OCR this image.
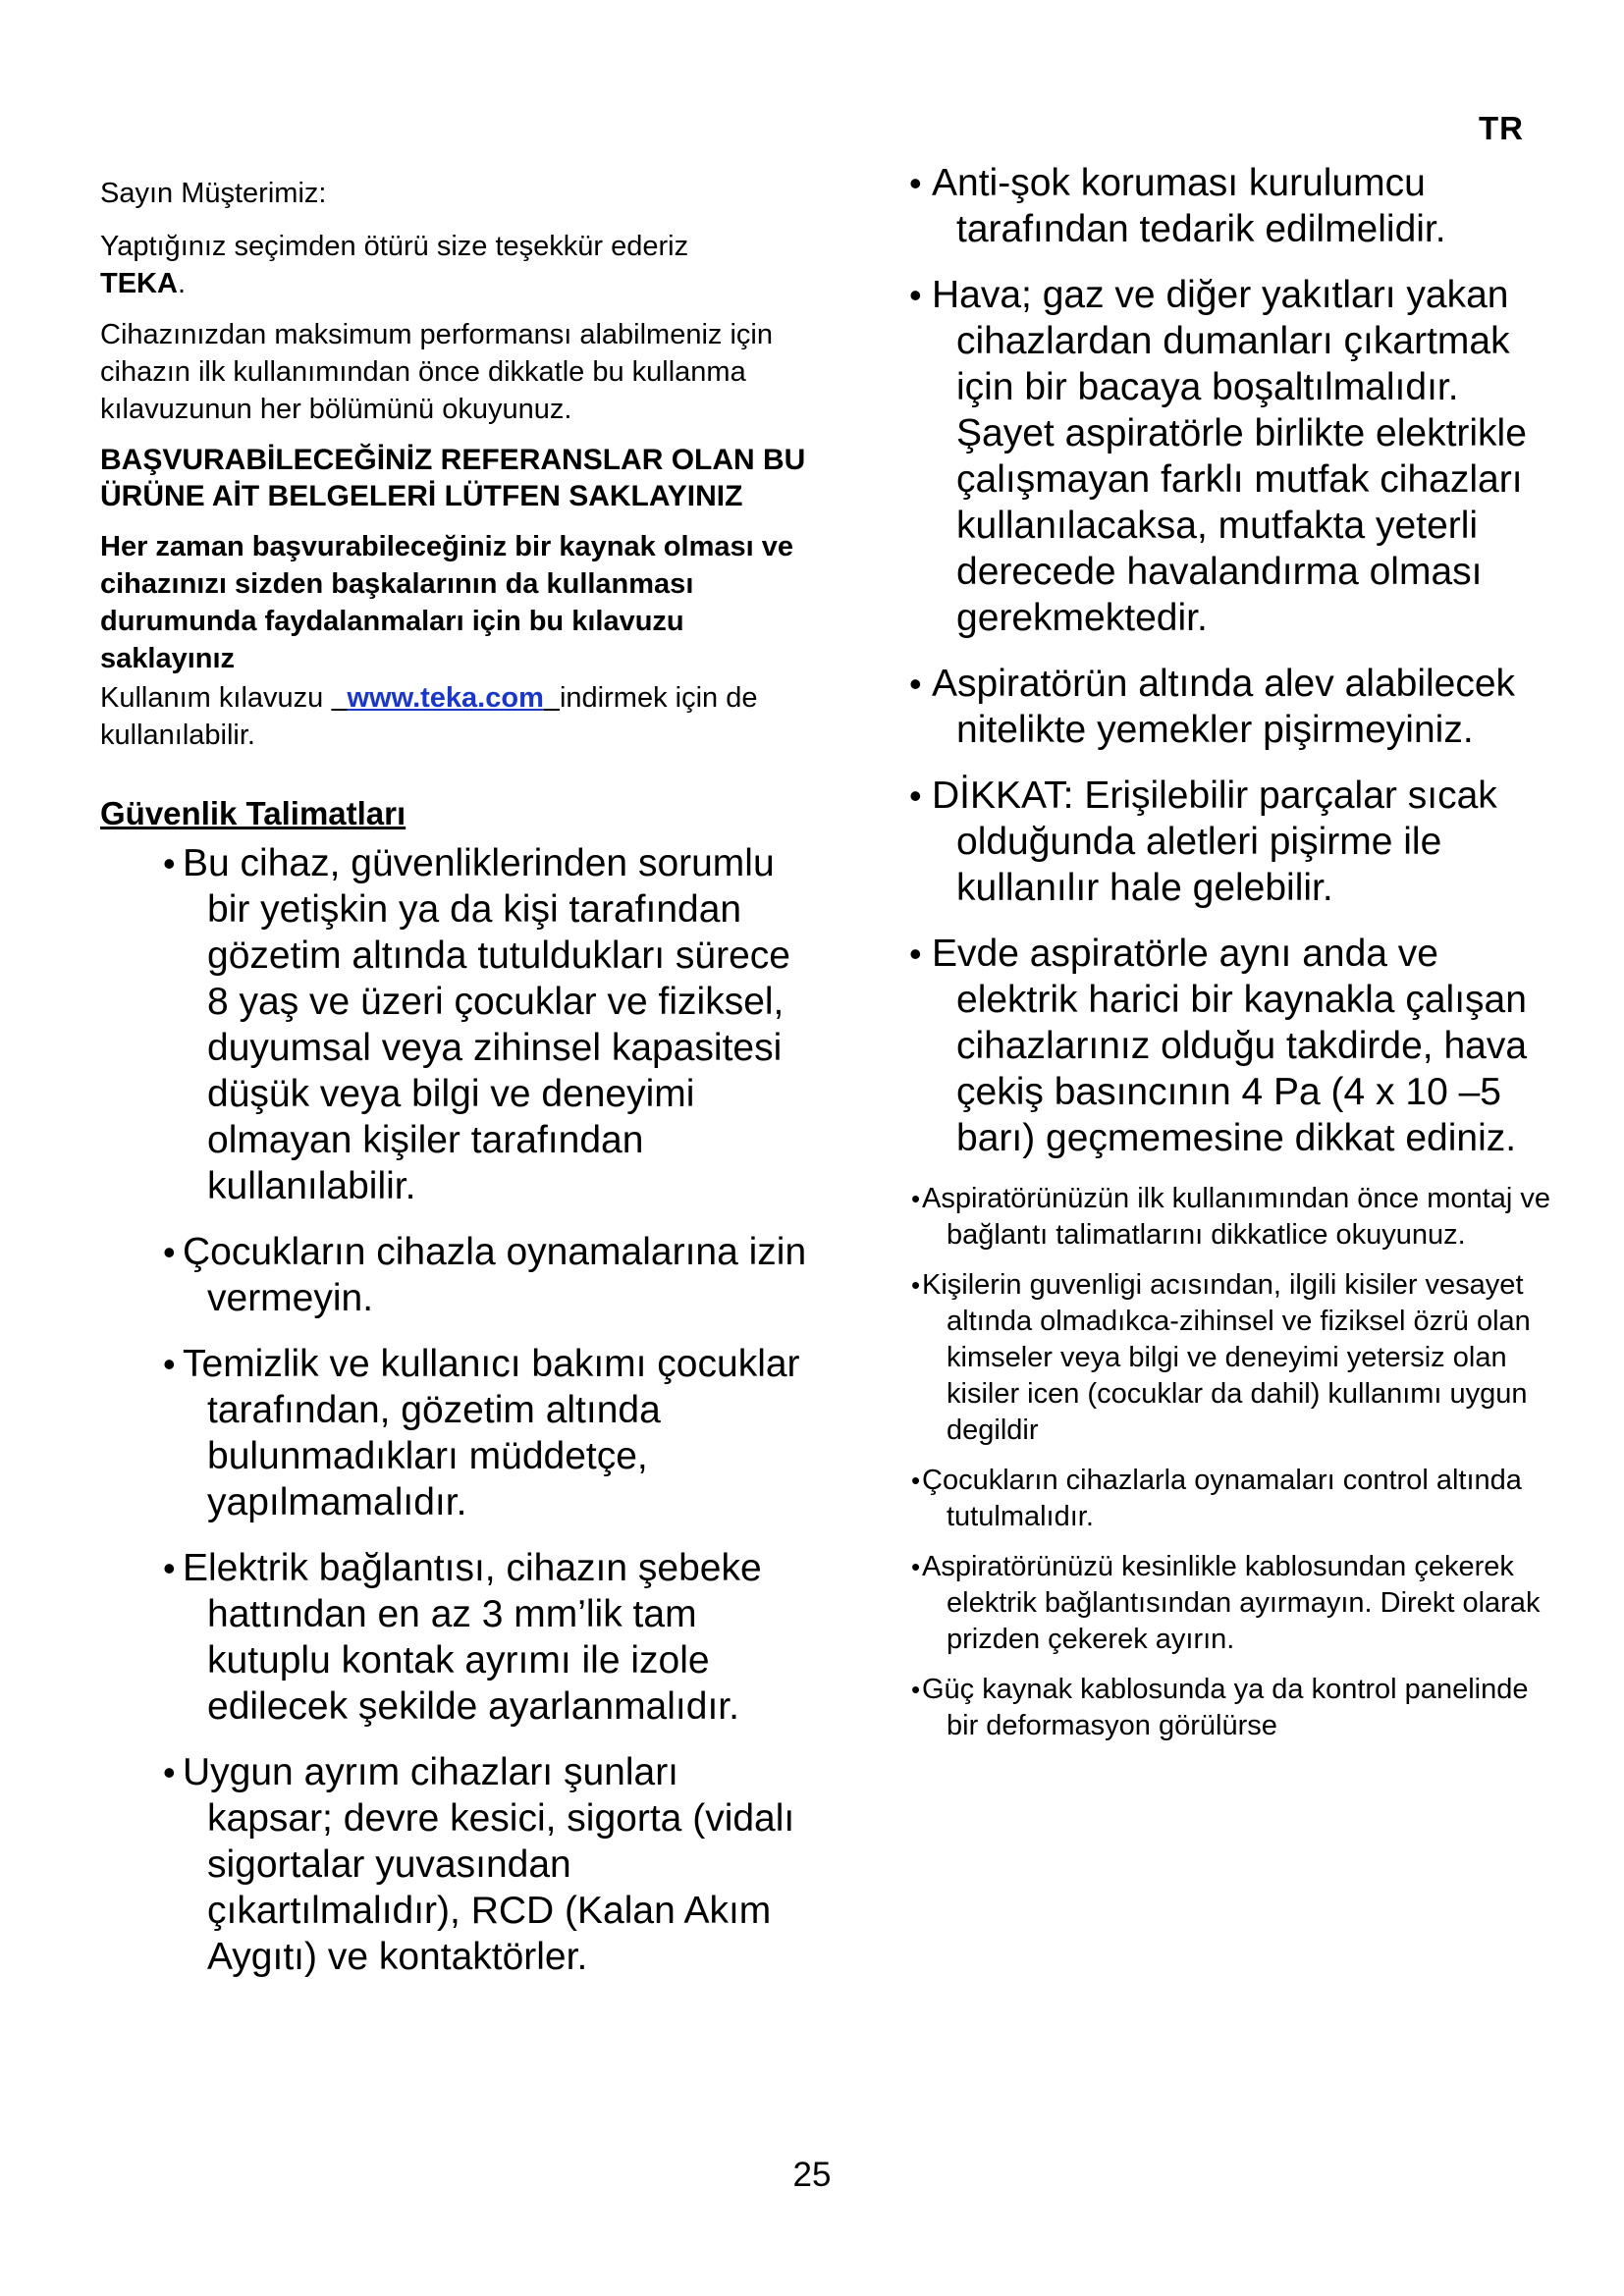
TR

Sayın Müşterimiz:

Yaptığınız seçimden ötürü size teşekkür ederiz
TEKA.

Cihazınızdan maksimum performansı alabilmeniz için cihazın ilk kullanımından önce dikkatle bu kullanma kılavuzunun her bölümünü okuyunuz.

BAŞVURABİLECEĞİNİZ REFERANSLAR OLAN BU ÜRÜNE AİT BELGELERİ LÜTFEN SAKLAYINIZ

Her zaman başvurabileceğiniz bir kaynak olması ve cihazınızı sizden başkalarının da kullanması durumunda faydalanmaları için bu kılavuzu saklayınız

Kullanım kılavuzu www.teka.com indirmek için de kullanılabilir.

Güvenlik Talimatları
• Bu cihaz, güvenliklerinden sorumlu bir yetişkin ya da kişi tarafından gözetim altında tutuldukları sürece 8 yaş ve üzeri çocuklar ve fiziksel, duyumsal veya zihinsel kapasitesi düşük veya bilgi ve deneyimi olmayan kişiler tarafından kullanılabilir.
• Çocukların cihazla oynamalarına izin vermeyin.
• Temizlik ve kullanıcı bakımı çocuklar tarafından, gözetim altında bulunmadıkları müddetçe, yapılmamalıdır.
• Elektrik bağlantısı, cihazın şebeke hattından en az 3 mm’lik tam kutuplu kontak ayrımı ile izole edilecek şekilde ayarlanmalıdır.
• Uygun ayrım cihazları şunları kapsar; devre kesici, sigorta (vidalı sigortalar yuvasından çıkartılmalıdır), RCD (Kalan Akım Aygıtı) ve kontaktörler.
• Anti-şok koruması kurulumcu tarafından tedarik edilmelidir.
• Hava; gaz ve diğer yakıtları yakan cihazlardan dumanları çıkartmak için bir bacaya boşaltılmalıdır. Şayet aspiratörle birlikte elektrikle çalışmayan farklı mutfak cihazları kullanılacaksa, mutfakta yeterli derecede havalandırma olması gerekmektedir.
• Aspiratörün altında alev alabilecek nitelikte yemekler pişirmeyiniz.
• DİKKAT: Erişilebilir parçalar sıcak olduğunda aletleri pişirme ile kullanılır hale gelebilir.
• Evde aspiratörle aynı anda ve elektrik harici bir kaynakla çalışan cihazlarınız olduğu takdirde, hava çekiş basıncının 4 Pa (4 x 10 –5 barı) geçmemesine dikkat ediniz.
• Aspiratörünüzün ilk kullanımından önce montaj ve bağlantı talimatlarını dikkatlice okuyunuz.
• Kişilerin guvenligi acısından, ilgili kisiler vesayet altında olmadıkca-zihinsel ve fiziksel özrü olan kimseler veya bilgi ve deneyimi yetersiz olan kisiler icen (cocuklar da dahil) kullanımı uygun degildir
• Çocukların cihazlarla oynamaları control altında tutulmalıdır.
• Aspiratörünüzü kesinlikle kablosundan çekerek elektrik bağlantısından ayırmayın. Direkt olarak prizden çekerek ayırın.
• Güç kaynak kablosunda ya da kontrol panelinde bir deformasyon görülürse
25
